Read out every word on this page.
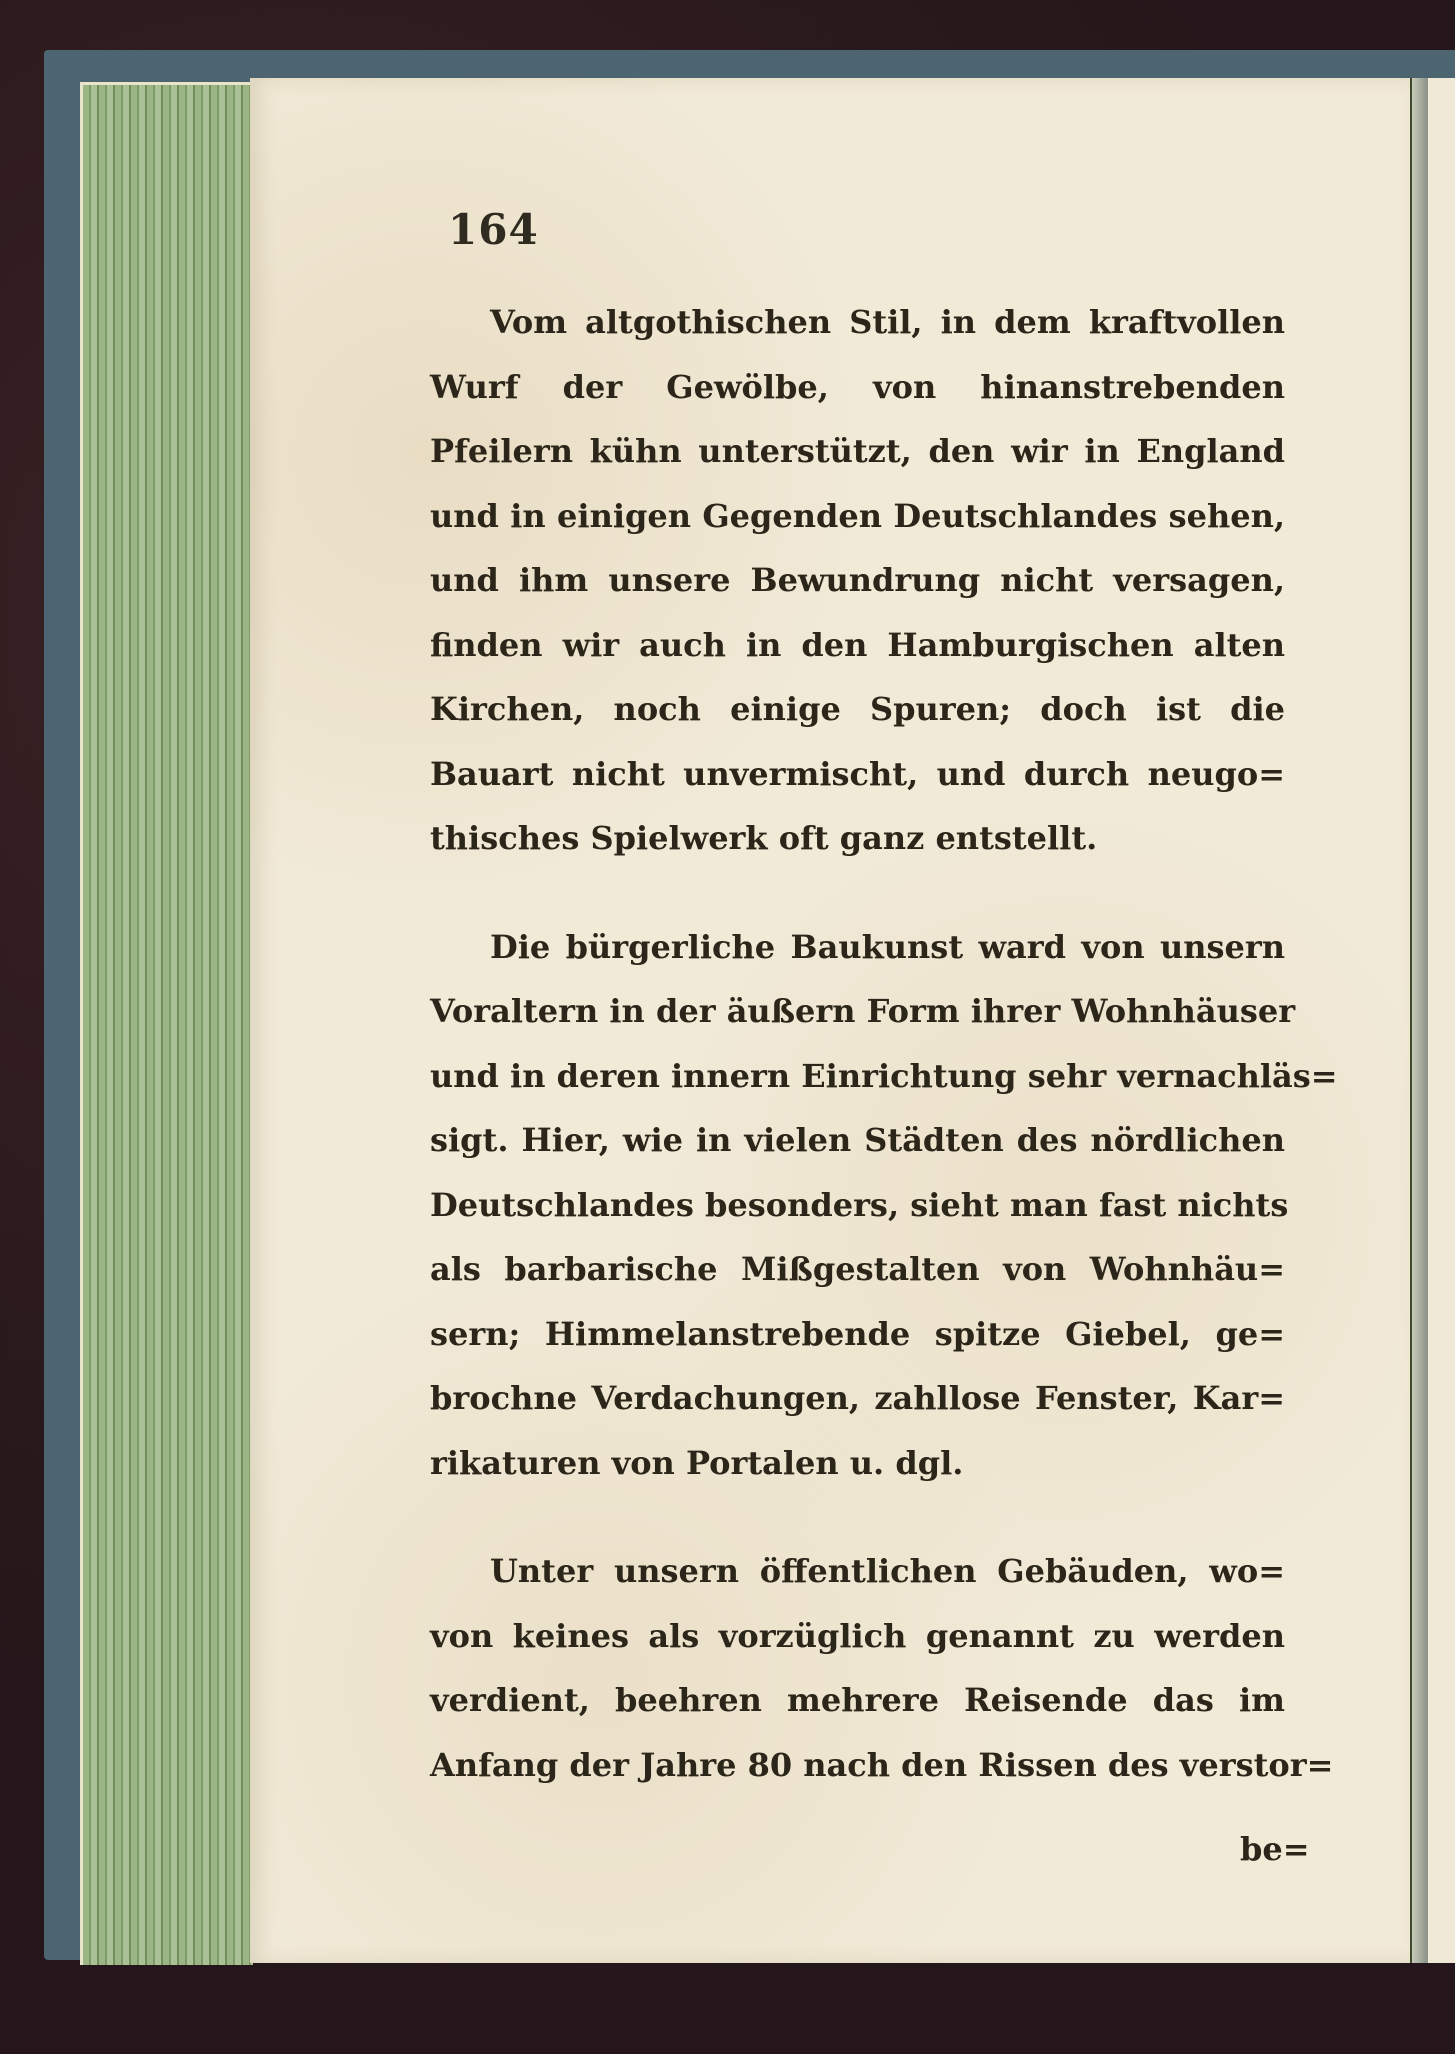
164
Vom altgothischen Stil, in dem kraftvollen
Wurf der Gewölbe, von hinanstrebenden
Pfeilern kühn unterstützt, den wir in England
und in einigen Gegenden Deutschlandes sehen,
und ihm unsere Bewundrung nicht versagen,
finden wir auch in den Hamburgischen alten
Kirchen, noch einige Spuren; doch ist die
Bauart nicht unvermischt, und durch neugo=
thisches Spielwerk oft ganz entstellt.
Die bürgerliche Baukunst ward von unsern
Voraltern in der äußern Form ihrer Wohnhäuser
und in deren innern Einrichtung sehr vernachläs=
sigt. Hier, wie in vielen Städten des nördlichen
Deutschlandes besonders, sieht man fast nichts
als barbarische Mißgestalten von Wohnhäu=
sern; Himmelanstrebende spitze Giebel, ge=
brochne Verdachungen, zahllose Fenster, Kar=
rikaturen von Portalen u. dgl.
Unter unsern öffentlichen Gebäuden, wo=
von keines als vorzüglich genannt zu werden
verdient, beehren mehrere Reisende das im
Anfang der Jahre 80 nach den Rissen des verstor=
be=
